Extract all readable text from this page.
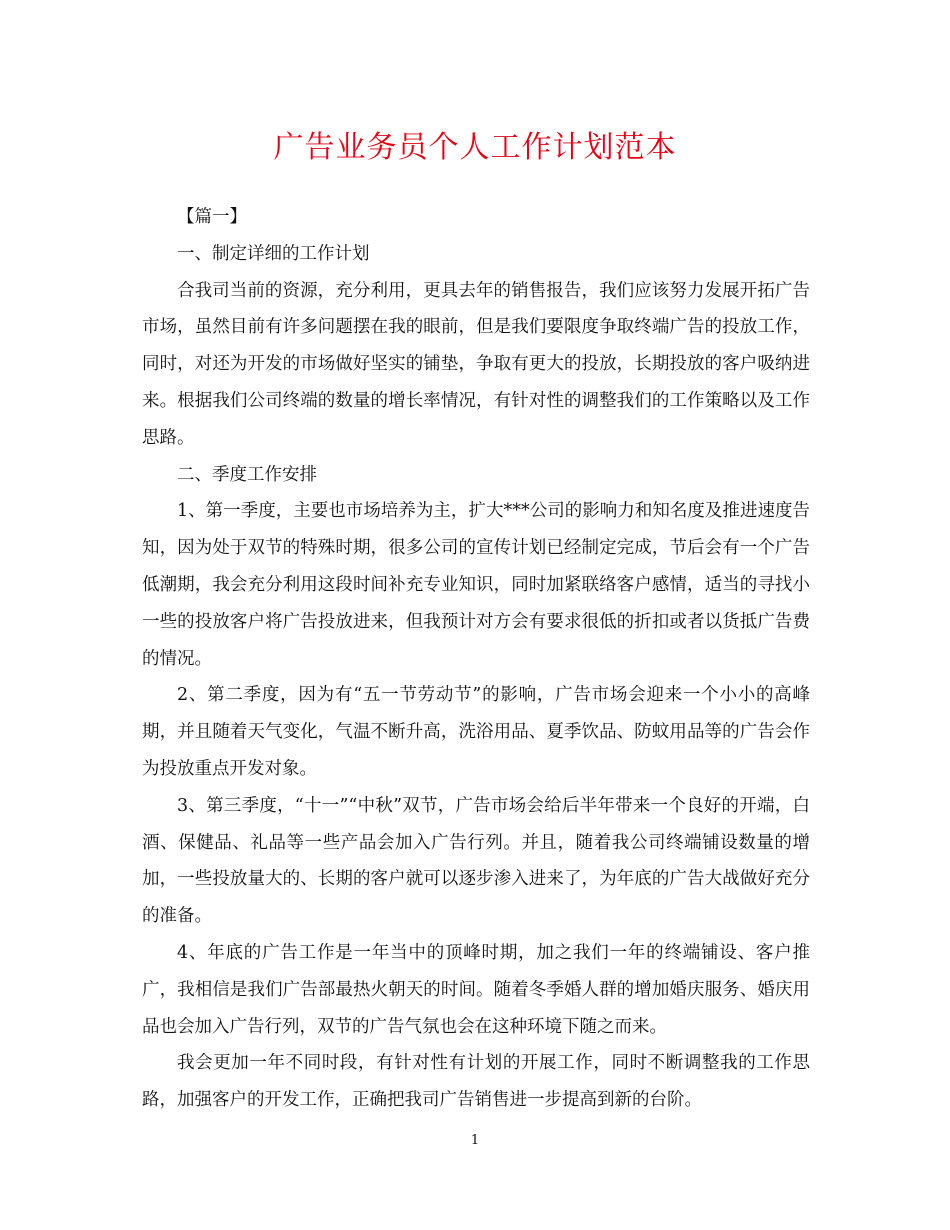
广告业务员个人工作计划范本

【篇一】

一、制定详细的工作计划

合我司当前的资源，充分利用，更具去年的销售报告，我们应该努力发展开拓广告市场，虽然目前有许多问题摆在我的眼前，但是我们要限度争取终端广告的投放工作，同时，对还为开发的市场做好坚实的铺垫，争取有更大的投放，长期投放的客户吸纳进来。根据我们公司终端的数量的增长率情况，有针对性的调整我们的工作策略以及工作思路。

二、季度工作安排

1、第一季度，主要也市场培养为主，扩大***公司的影响力和知名度及推进速度告知，因为处于双节的特殊时期，很多公司的宣传计划已经制定完成，节后会有一个广告低潮期，我会充分利用这段时间补充专业知识，同时加紧联络客户感情，适当的寻找小一些的投放客户将广告投放进来，但我预计对方会有要求很低的折扣或者以货抵广告费的情况。

2、第二季度，因为有“五一节劳动节”的影响，广告市场会迎来一个小小的高峰期，并且随着天气变化，气温不断升高，洗浴用品、夏季饮品、防蚊用品等的广告会作为投放重点开发对象。

3、第三季度，“十一”“中秋”双节，广告市场会给后半年带来一个良好的开端，白酒、保健品、礼品等一些产品会加入广告行列。并且，随着我公司终端铺设数量的增加，一些投放量大的、长期的客户就可以逐步渗入进来了，为年底的广告大战做好充分的准备。

4、年底的广告工作是一年当中的顶峰时期，加之我们一年的终端铺设、客户推广，我相信是我们广告部最热火朝天的时间。随着冬季婚人群的增加婚庆服务、婚庆用品也会加入广告行列，双节的广告气氛也会在这种环境下随之而来。

我会更加一年不同时段，有针对性有计划的开展工作，同时不断调整我的工作思路，加强客户的开发工作，正确把我司广告销售进一步提高到新的台阶。

1
